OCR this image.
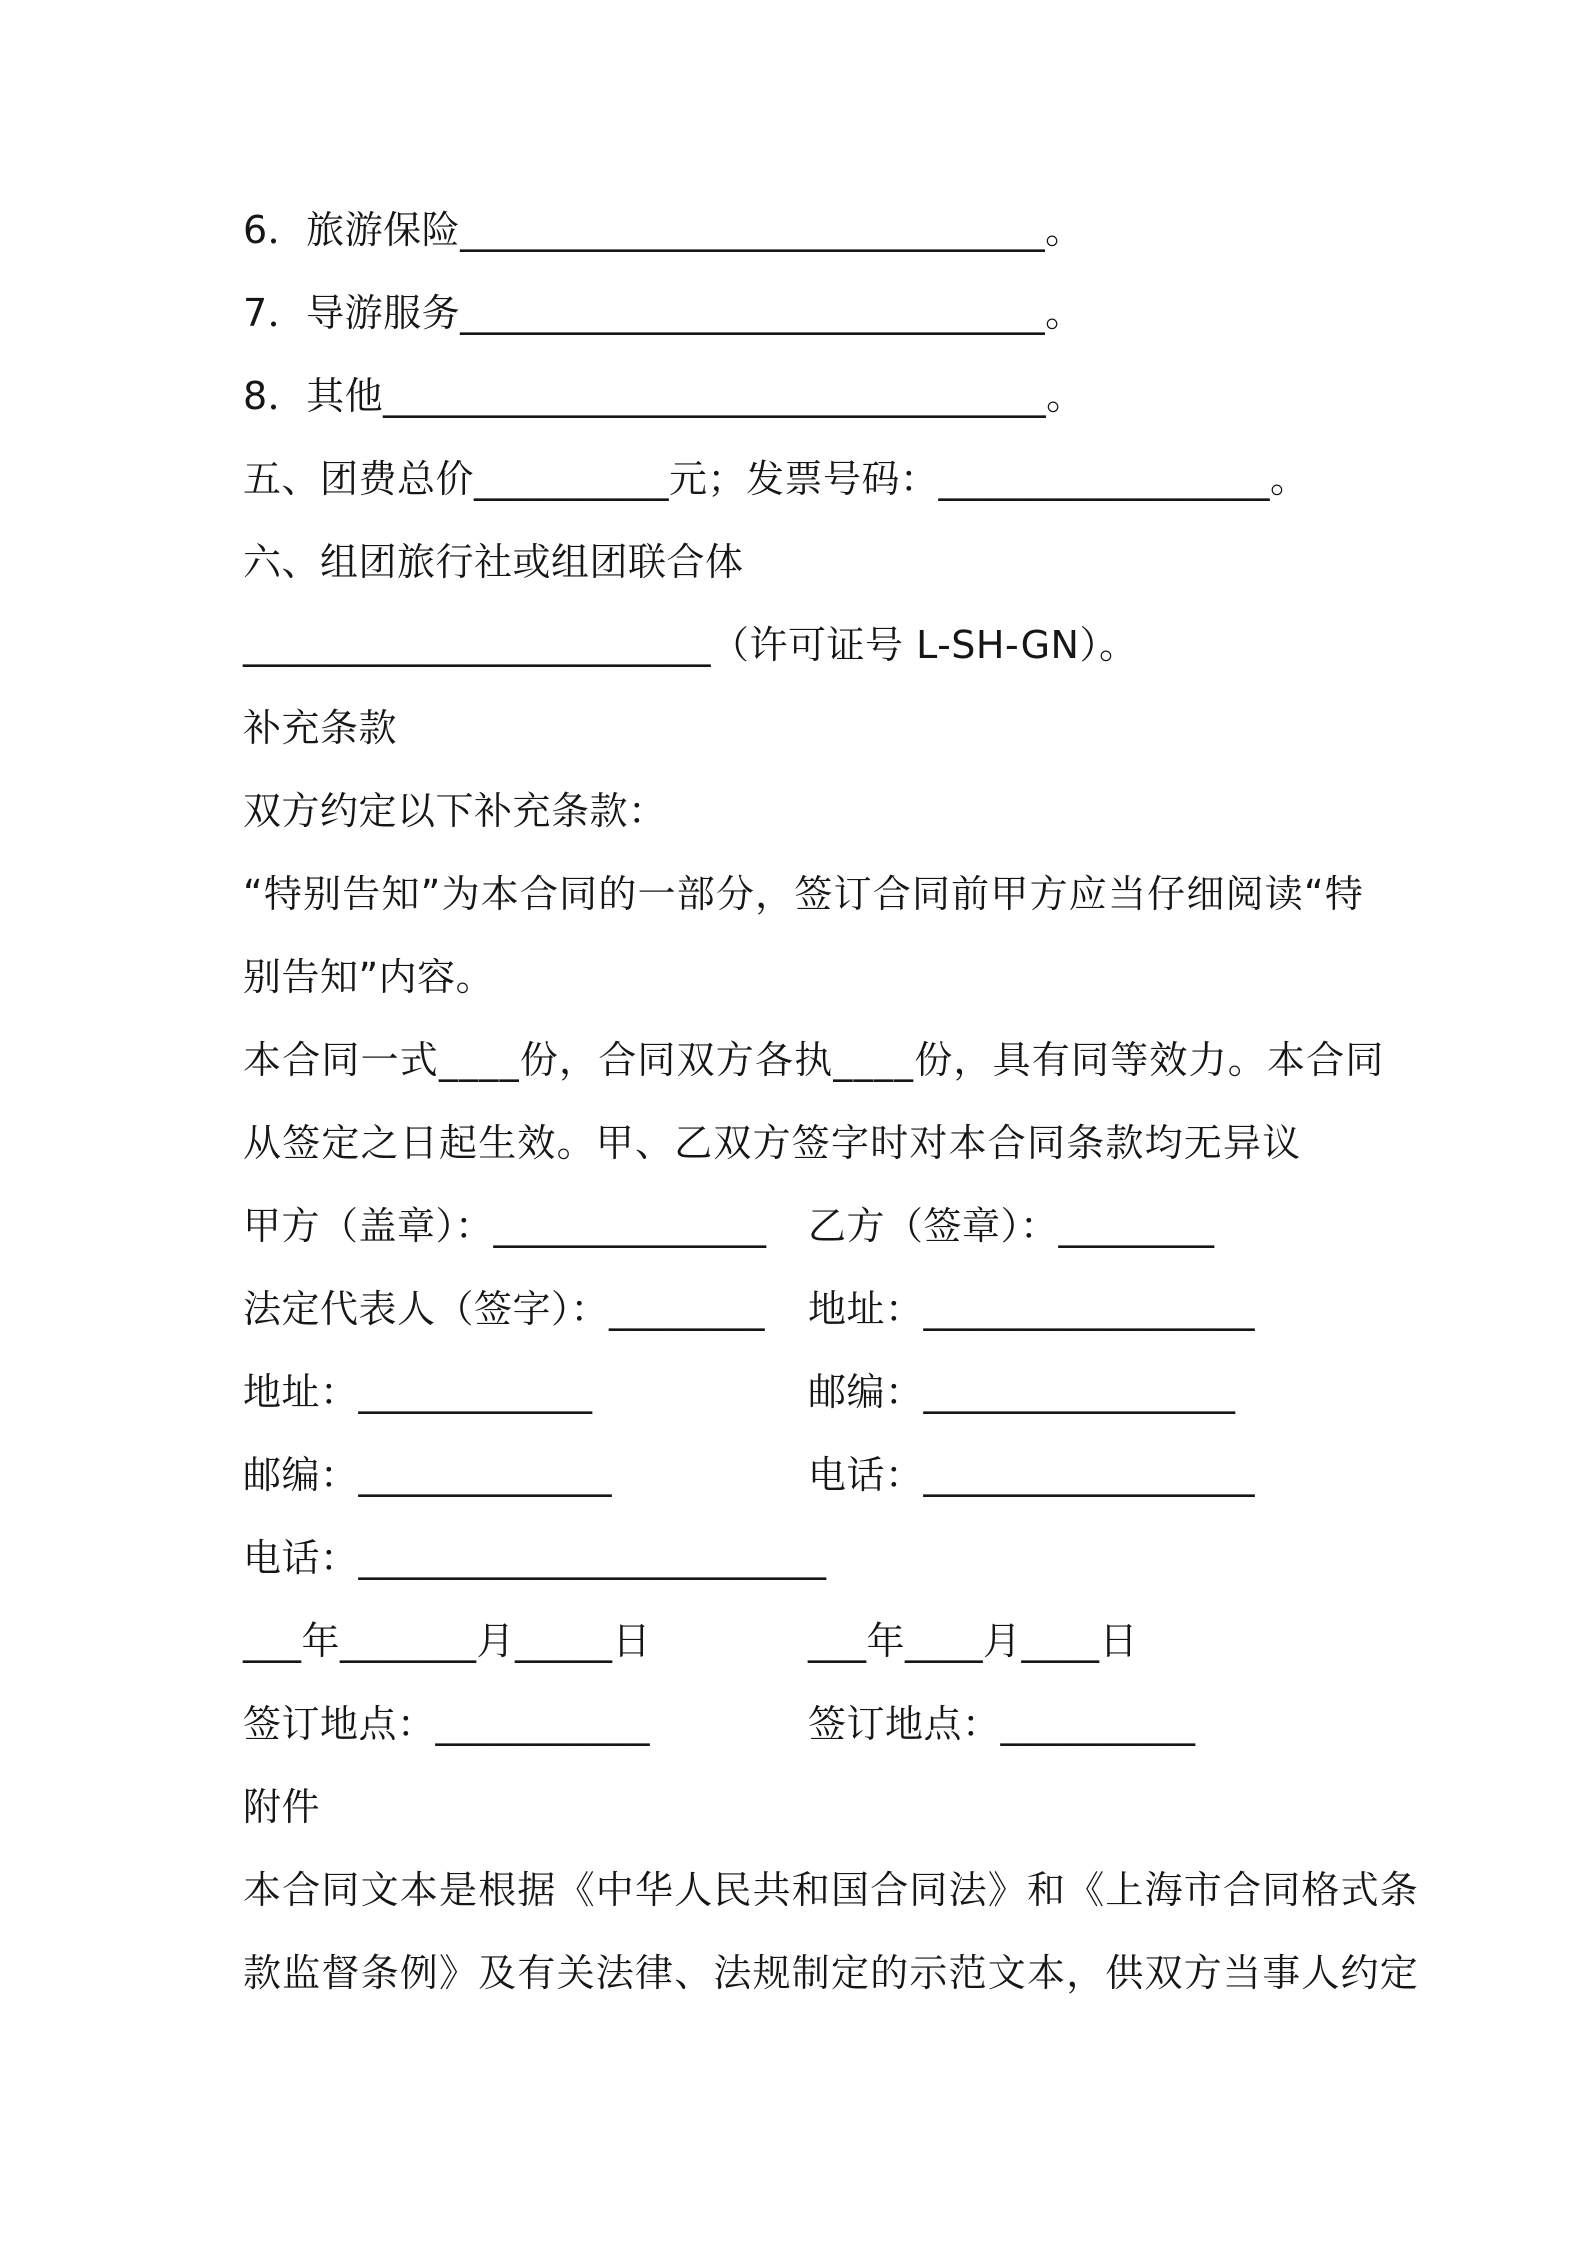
6．旅游保险______________________________。
7．导游服务______________________________。
8．其他__________________________________。
五、团费总价__________元；发票号码：_________________。
六、组团旅行社或组团联合体
________________________（许可证号 L-SH-GN）。
补充条款
双方约定以下补充条款：
“特别告知”为本合同的一部分，签订合同前甲方应当仔细阅读“特
别告知”内容。
本合同一式____份，合同双方各执____份，具有同等效力。本合同
从签定之日起生效。甲、乙双方签字时对本合同条款均无异议
甲方（盖章）：______________
法定代表人（签字）：________
地址：____________
邮编：_____________
电话：________________________
___年_______月_____日
签订地点：___________
乙方（签章）：________
地址：_________________
邮编：________________
电话：_________________
___年____月____日
签订地点：__________
附件
本合同文本是根据《中华人民共和国合同法》和《上海市合同格式条
款监督条例》及有关法律、法规制定的示范文本，供双方当事人约定
